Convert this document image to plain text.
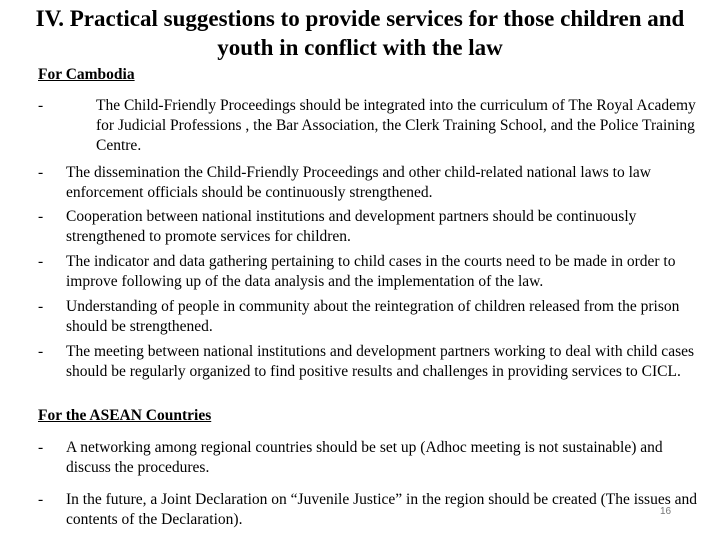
IV. Practical suggestions to provide services for those children and youth in conflict with the law
For Cambodia
-	The Child-Friendly Proceedings should be integrated into the curriculum of The Royal Academy for Judicial Professions , the Bar Association, the Clerk Training School, and the Police Training Centre.
- The dissemination the Child-Friendly Proceedings and other child-related national laws to law enforcement officials should be continuously strengthened.
- Cooperation between national institutions and development partners should be continuously strengthened to promote services for children.
- The indicator and data gathering pertaining to child cases in the courts need to be made in order to improve following up of the data analysis and the implementation of the law.
- Understanding of people in community about the reintegration of children released from the prison should be strengthened.
- The meeting between national institutions and development partners working to deal with child cases should be regularly organized to find positive results and challenges in providing services to CICL.
For the ASEAN Countries
- A networking among regional countries should be set up (Adhoc meeting is not sustainable) and discuss the procedures.
- In the future, a Joint Declaration on “Juvenile Justice” in the region should be created (The issues and contents of the Declaration).	16
